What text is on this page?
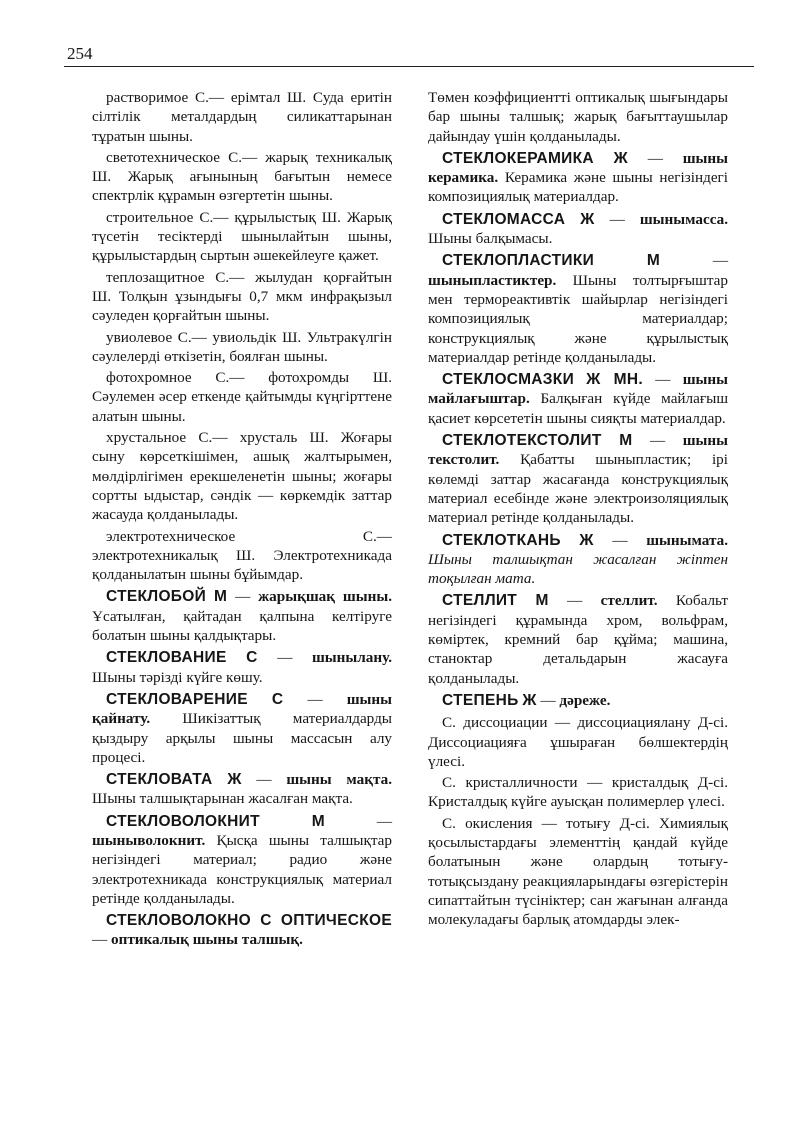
254

растворимое С.— ерімтал Ш. Суда еритін сілтілік металдардың силикаттарынан тұратын шыны.

светотехническое С.— жарық техникалық Ш. Жарық ағынының бағытын немесе спектрлік құрамын өзгертетін шыны.

строительное С.— құрылыстық Ш. Жарық түсетін тесіктерді шынылайтын шыны, құрылыстардың сыртын әшекейлеуге қажет.

теплозащитное С.— жылудан қорғайтын Ш. Толқын ұзындығы 0,7 мкм инфрақызыл сәуледен қорғайтын шыны.

увиолевое С.— увиольдік Ш. Ультракүлгін сәулелерді өткізетін, боялған шыны.

фотохромное С.— фотохромды Ш. Сәулемен әсер еткенде қайтымды күңгірттене алатын шыны.

хрустальное С.— хрусталь Ш. Жоғары сыну көрсеткішімен, ашық жалтырымен, мөлдірлігімен ерекшеленетін шыны; жоғары сортты ыдыстар, сәндік — көркемдік заттар жасауда қолданылады.

электротехническое С.— электротехникалық Ш. Электротехникада қолданылатын шыны бұйымдар.

СТЕКЛОБОЙ М — жарықшақ шыны. Ұсатылған, қайтадан қалпына келтіруге болатын шыны қалдықтары.

СТЕКЛОВАНИЕ С — шынылану. Шыны тәрізді күйге көшу.

СТЕКЛОВАРЕНИЕ С — шыны қайнату. Шикізаттық материалдарды қыздыру арқылы шыны массасын алу процесі.

СТЕКЛОВАТА Ж — шыны мақта. Шыны талшықтарынан жасалған мақта.

СТЕКЛОВОЛОКНИТ	М — шыныволокнит. Қысқа шыны талшықтар негізіндегі материал; радио және электротехникада конструкциялық материал ретінде қолданылады.

СТЕКЛОВОЛОКНО С ОПТИЧЕСКОЕ — оптикалық шыны талшық.

Төмен коэффициентті оптикалық шығындары бар шыны талшық; жарық бағыттаушылар дайындау үшін қолданылады.

СТЕКЛОКЕРАМИКА Ж — шыны керамика. Керамика және шыны негізіндегі композициялық материалдар.

СТЕКЛОМАССА Ж — шынымасса. Шыны балқымасы.

СТЕКЛОПЛАСТИКИ	М — шыныпластиктер. Шыны толтырғыштар мен термореактивтік шайырлар негізіндегі композициялық материалдар; конструкциялық және құрылыстық материалдар ретінде қолданылады.

СТЕКЛОСМАЗКИ Ж МН. — шыны майлағыштар. Балқыған күйде майлағыш қасиет көрсететін шыны сияқты материалдар.

СТЕКЛОТЕКСТОЛИТ М — шыны текстолит. Қабатты шыныпластик; ірі көлемді заттар жасағанда конструкциялық материал есебінде және электроизоляциялық материал ретінде қолданылады.

СТЕКЛОТКАНЬ Ж — шынымата. Шыны талшықтан жасалған жіптен тоқылған мата.

СТЕЛЛИТ М — стеллит. Кобальт негізіндегі құрамында хром, вольфрам, көміртек, кремний бар құйма; машина, станоктар детальдарын жасауға қолданылады.

СТЕПЕНЬ Ж — дәреже.

С. диссоциации — диссоциациялану Д-сі. Диссоциацияға ұшыраған бөлшектердің үлесі.

С. кристалличности — кристалдық Д-сі. Кристалдық күйге ауысқан полимерлер үлесі.

С. окисления — тотығу Д-сі. Химиялық қосылыстардағы элементтің қандай күйде болатынын және олардың тотығу-тотықсыздану реакцияларындағы өзгерістерін сипаттайтын түсініктер; сан жағынан алғанда молекуладағы барлық атомдарды элек-
